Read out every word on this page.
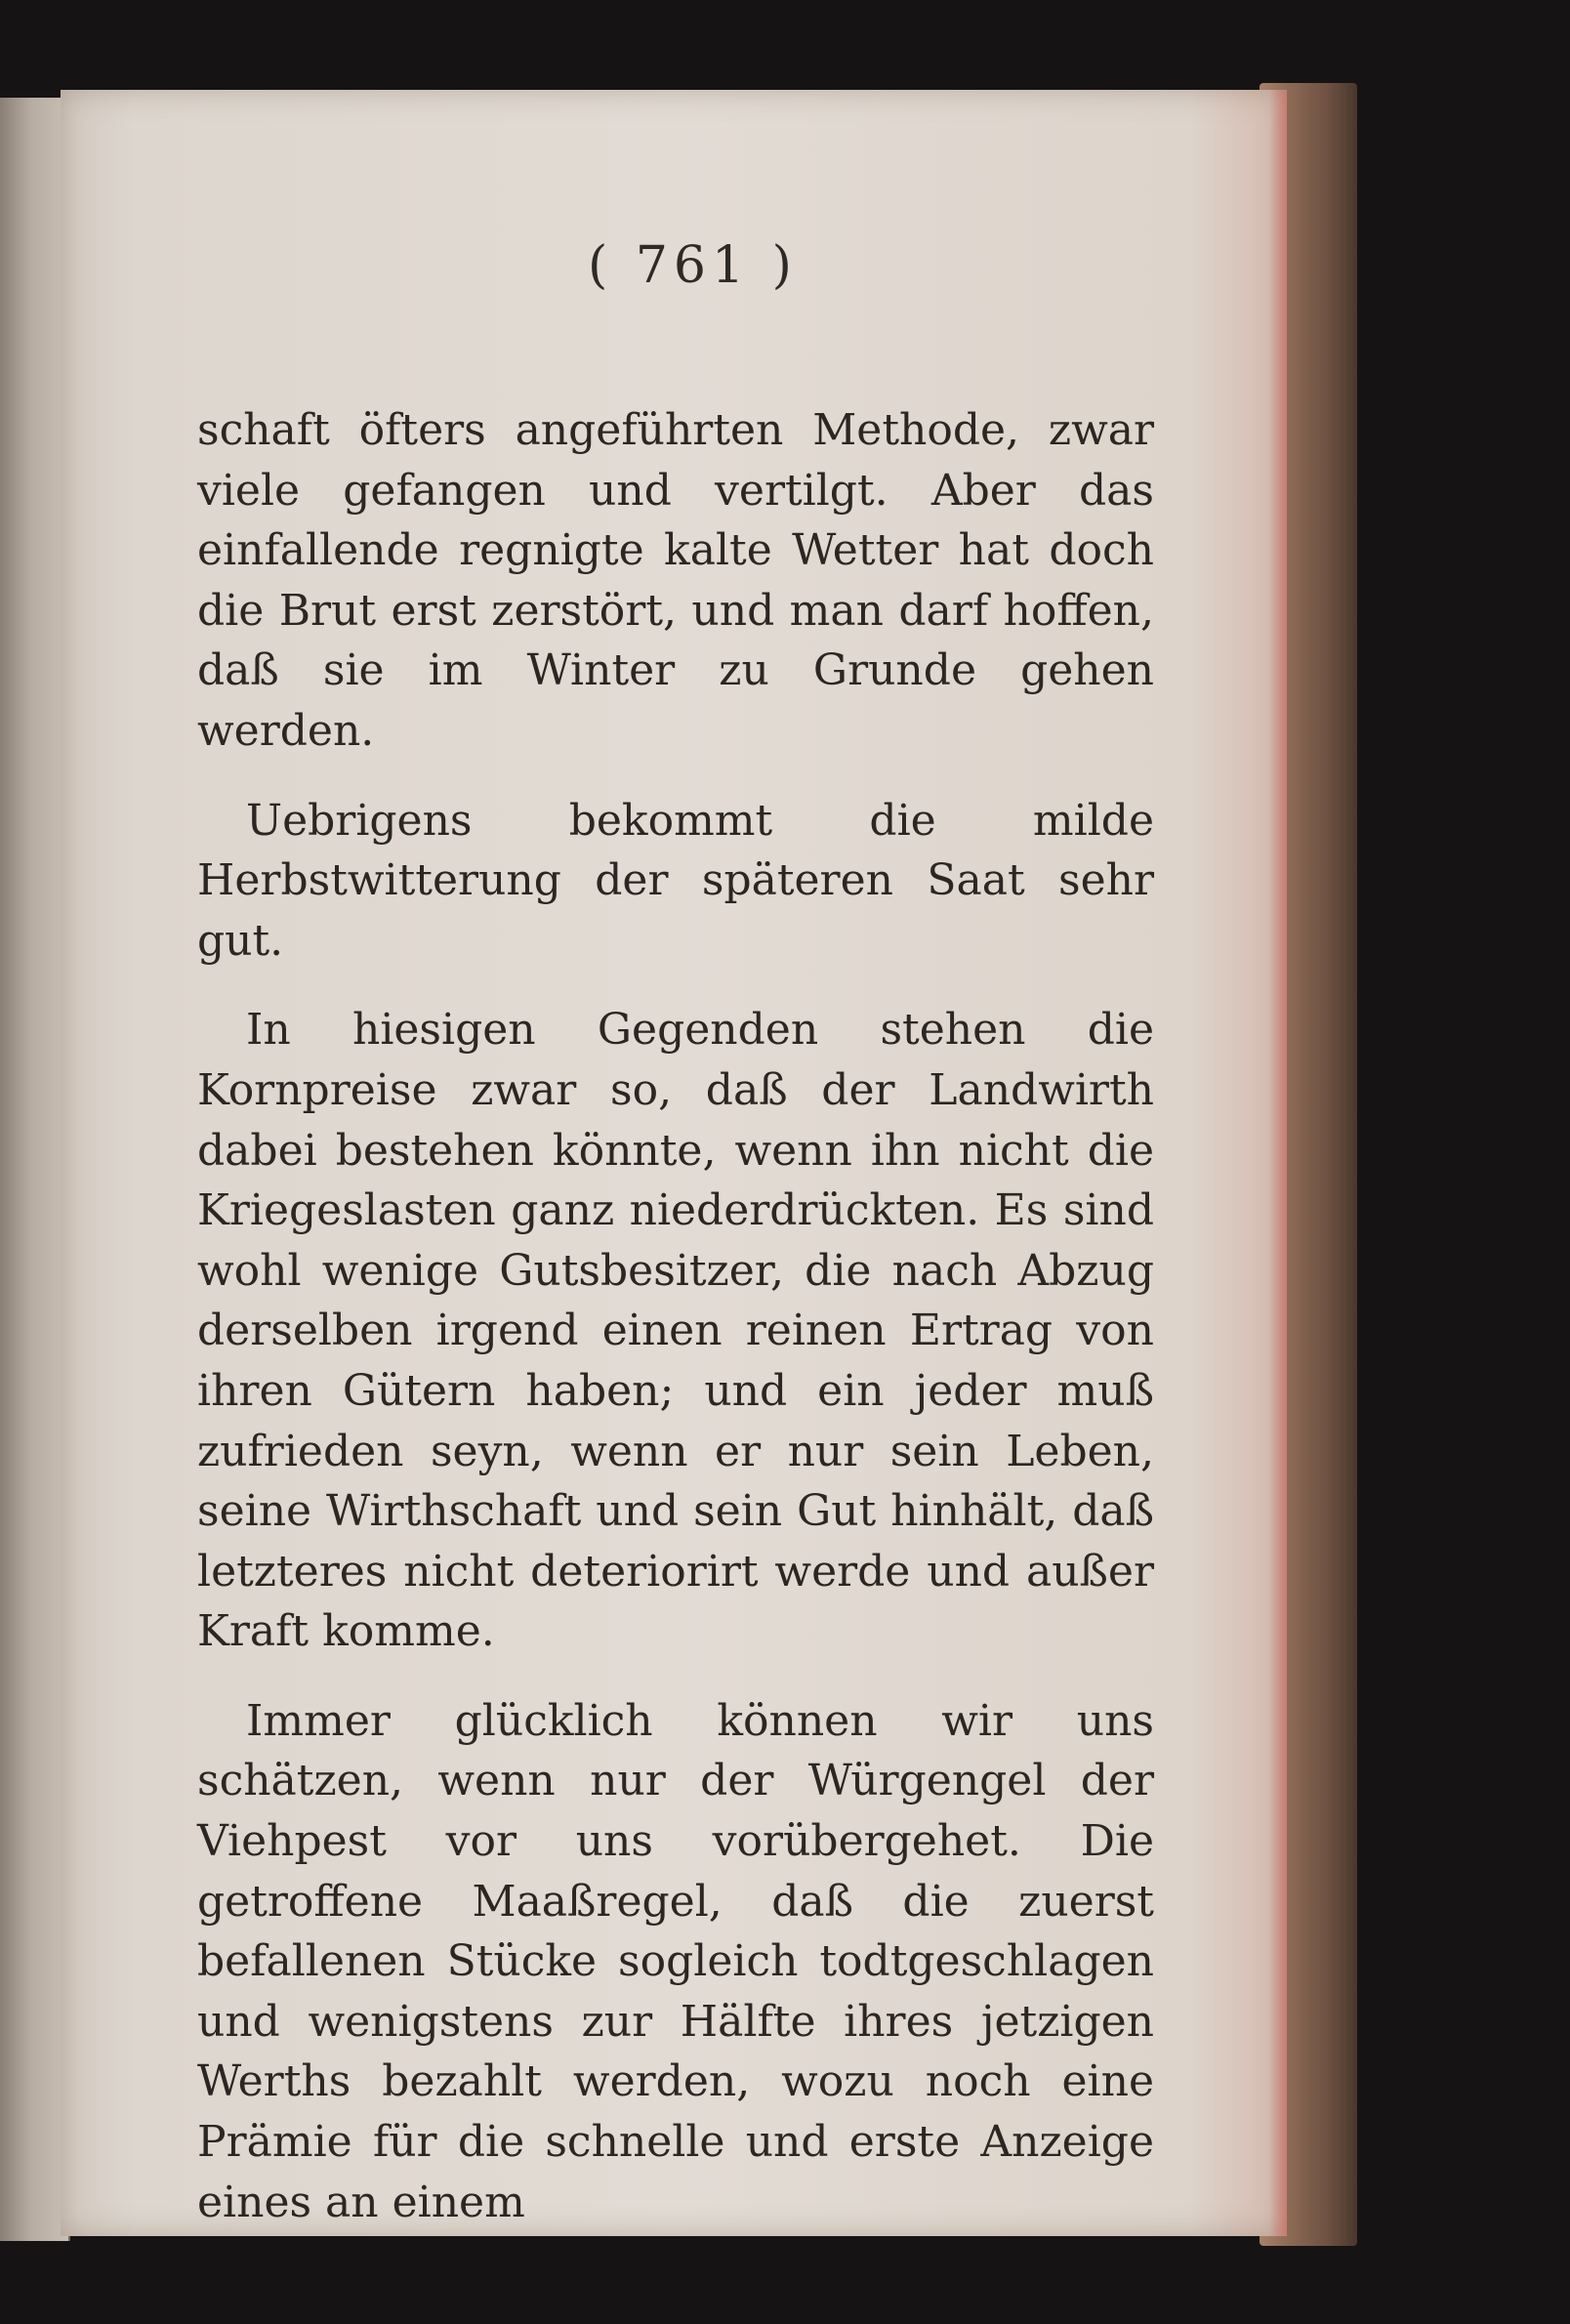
( 761 )

schaft öfters angeführten Methode, zwar viele gefangen und vertilgt. Aber das einfallende regnigte kalte Wetter hat doch die Brut erst zerstört, und man darf hoffen, daß sie im Winter zu Grunde gehen werden.

Uebrigens bekommt die milde Herbstwitterung der späteren Saat sehr gut.

In hiesigen Gegenden stehen die Kornpreise zwar so, daß der Landwirth dabei bestehen könnte, wenn ihn nicht die Kriegeslasten ganz niederdrückten. Es sind wohl wenige Gutsbesitzer, die nach Abzug derselben irgend einen reinen Ertrag von ihren Gütern haben; und ein jeder muß zufrieden seyn, wenn er nur sein Leben, seine Wirthschaft und sein Gut hinhält, daß letzteres nicht deteriorirt werde und außer Kraft komme.

Immer glücklich können wir uns schätzen, wenn nur der Würgengel der Viehpest vor uns vorübergehet. Die getroffene Maaßregel, daß die zuerst befallenen Stücke sogleich todtgeschlagen und wenigstens zur Hälfte ihres jetzigen Werths bezahlt werden, wozu noch eine Prämie für die schnelle und erste Anzeige eines an einem
